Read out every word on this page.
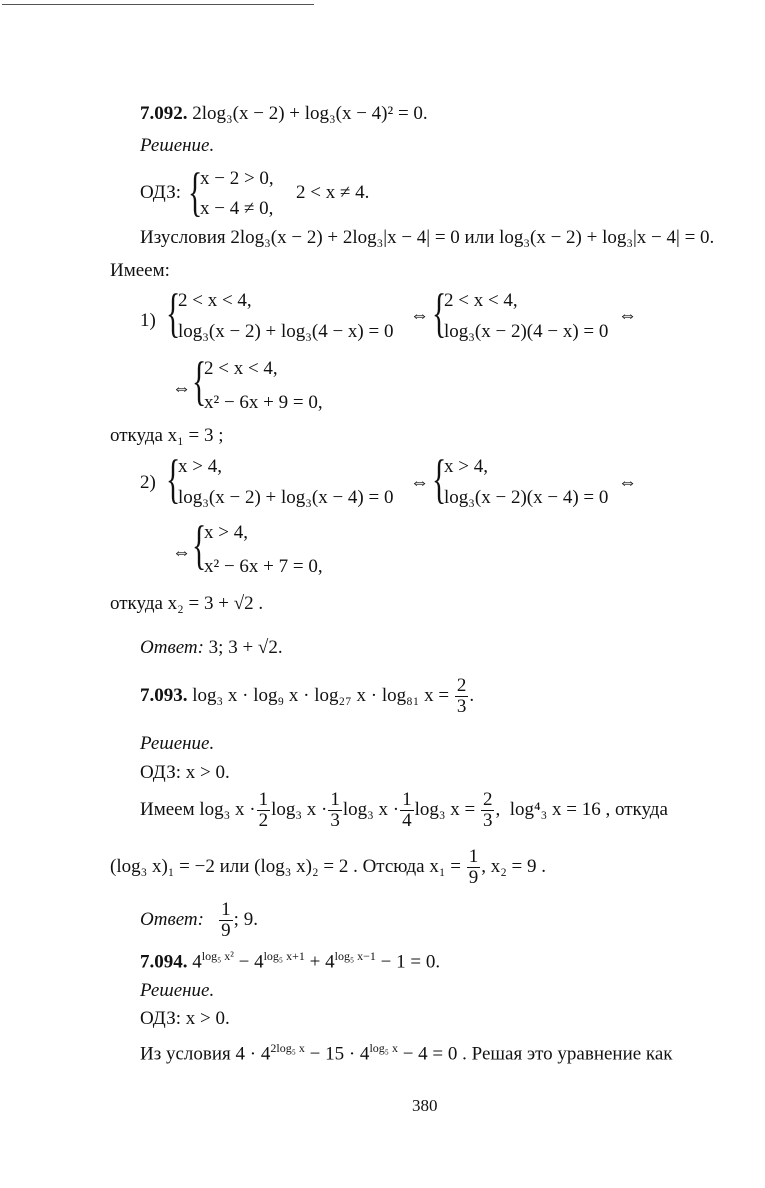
7.092. 2log₃(x − 2) + log₃(x − 4)² = 0.
Решение.
ОДЗ: {
x − 2 > 0,
x − 4 ≠ 0,
2 < x ≠ 4.
Изусловия 2log₃(x − 2) + 2log₃|x − 4| = 0 или log₃(x − 2) + log₃|x − 4| = 0.
Имеем:
1) {
2 < x < 4,
log₃(x − 2) + log₃(4 − x) = 0
⇔ {
2 < x < 4,
log₃(x − 2)(4 − x) = 0
⇔
⇔ {
2 < x < 4,
x² − 6x + 9 = 0,
откуда x₁ = 3 ;
2) {
x > 4,
log₃(x − 2) + log₃(x − 4) = 0
⇔ {
x > 4,
log₃(x − 2)(x − 4) = 0
⇔
⇔ {
x > 4,
x² − 6x + 7 = 0,
откуда x₂ = 3 + √2 .
Ответ: 3; 3 + √2.
7.093. log₃ x · log₉ x · log₂₇ x · log₈₁ $x = \frac{2}{3}$ .
Решение.
ОДЗ: x > 0.
Имеем log₃ $x \cdot \frac{1}{2} \log_3$ $x \cdot \frac{1}{3} \log_3$ $x \cdot \frac{1}{4} \log_3$ $x = \frac{2}{3}$ , log⁴₃ x = 16 , откуда
(log₃ x)₁ = −2 или (log₃ x)₂ = 2 . Отсюда $x_1 = \frac{1}{9}$ , x₂ = 9 .
Ответ: $\frac{1}{9}$ ; 9.
7.094. $4^{log_5 x^2} - 4^{log_5 x+1} + 4^{log_5 x-1} - 1 = 0$.
Решение.
ОДЗ: x > 0.
Из условия $4 \cdot 4^{2log_5 x} - 15 \cdot 4^{log_5 x} - 4 = 0$ . Решая это уравнение как
380
